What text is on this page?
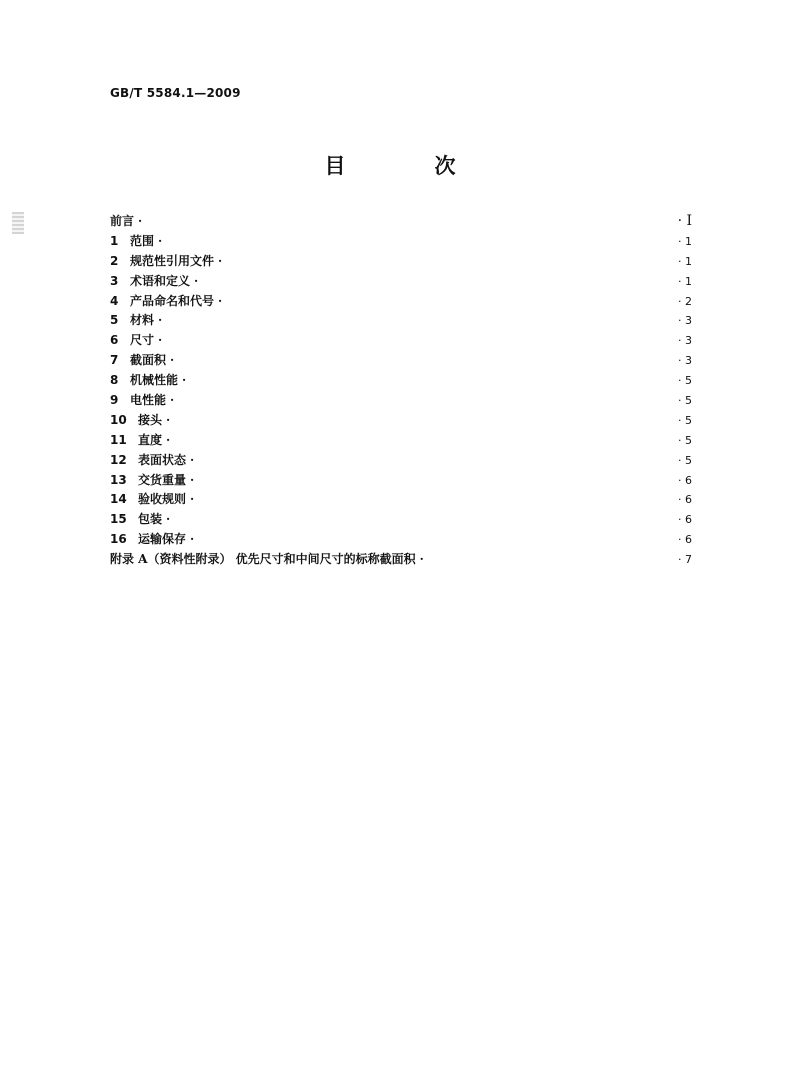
GB/T 5584.1—2009
目　次
前言 ·	· I
1 范围 ·	· 1
2 规范性引用文件 ·	· 1
3 术语和定义 ·	· 1
4 产品命名和代号 ·	· 2
5 材料 ·	· 3
6 尺寸 ·	· 3
7 截面积 ·	· 3
8 机械性能 ·	· 5
9 电性能 ·	· 5
10 接头 ·	· 5
11 直度 ·	· 5
12 表面状态 ·	· 5
13 交货重量 ·	· 6
14 验收规则 ·	· 6
15 包装 ·	· 6
16 运输保存 ·	· 6
附录 A（资料性附录） 优先尺寸和中间尺寸的标称截面积 ·	· 7
